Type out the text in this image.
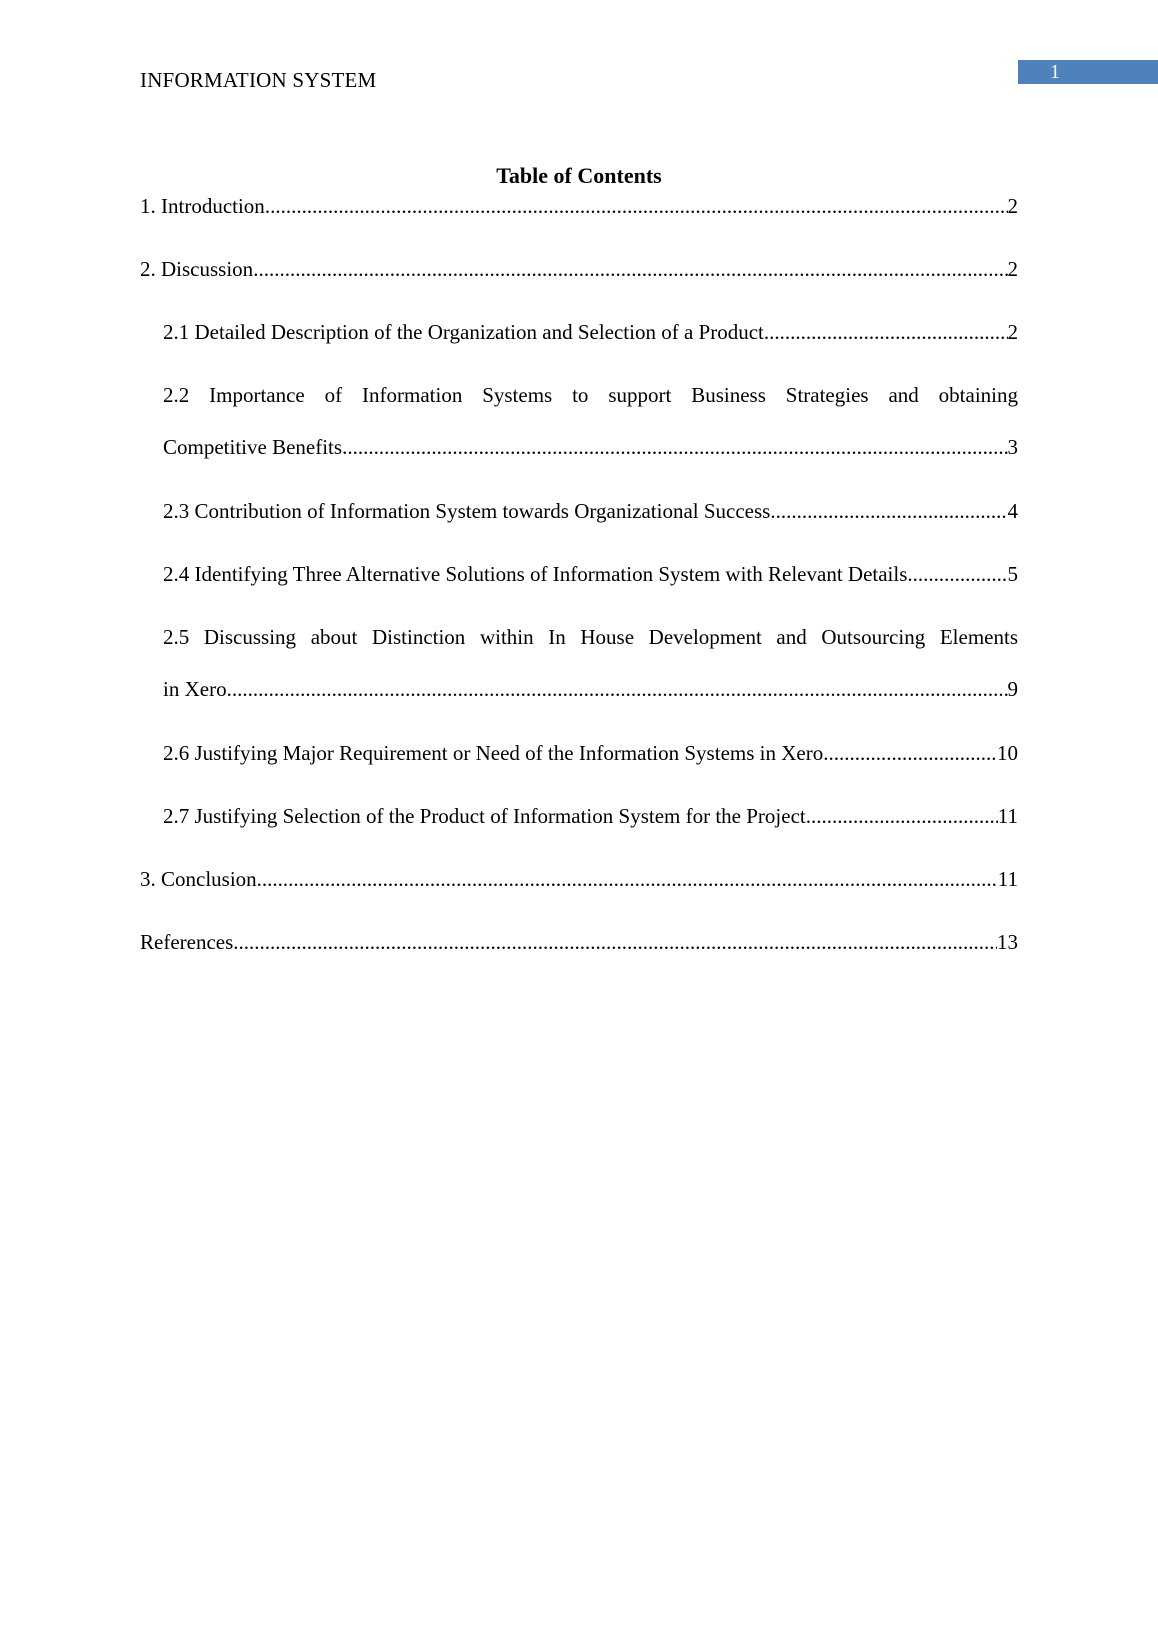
INFORMATION SYSTEM	1
Table of Contents
1. Introduction .....	2
2. Discussion .....	2
2.1 Detailed Description of the Organization and Selection of a Product .....	2
2.2 Importance of Information Systems to support Business Strategies and obtaining
Competitive Benefits .....	3
2.3 Contribution of Information System towards Organizational Success .....	4
2.4 Identifying Three Alternative Solutions of Information System with Relevant Details .....	5
2.5 Discussing about Distinction within In House Development and Outsourcing Elements
in Xero .....	9
2.6 Justifying Major Requirement or Need of the Information Systems in Xero .....	10
2.7 Justifying Selection of the Product of Information System for the Project .....	11
3. Conclusion .....	11
References .....	13
